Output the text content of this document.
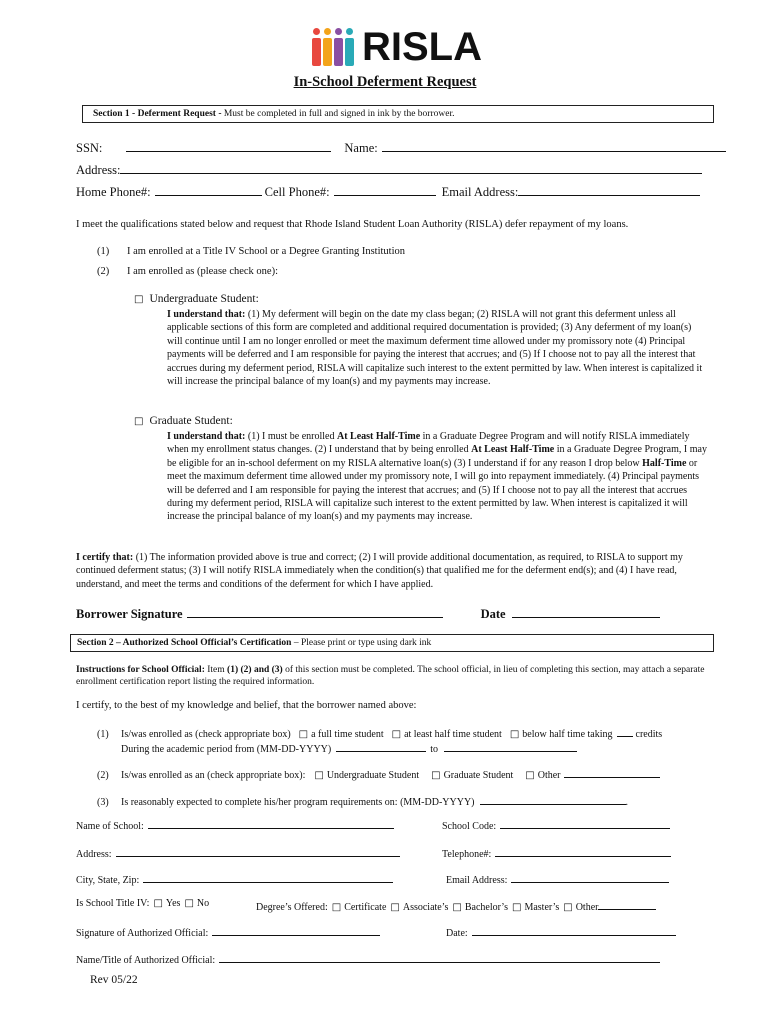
RISLA
In-School Deferment Request
Section 1 - Deferment Request - Must be completed in full and signed in ink by the borrower.
SSN:	Name:
Address:
Home Phone#:	Cell Phone#:	Email Address:
I meet the qualifications stated below and request that Rhode Island Student Loan Authority (RISLA) defer repayment of my loans.
(1)	I am enrolled at a Title IV School or a Degree Granting Institution
(2)	I am enrolled as (please check one):
□ Undergraduate Student:
I understand that: (1) My deferment will begin on the date my class began; (2) RISLA will not grant this deferment unless all applicable sections of this form are completed and additional required documentation is provided; (3) Any deferment of my loan(s) will continue until I am no longer enrolled or meet the maximum deferment time allowed under my promissory note (4) Principal payments will be deferred and I am responsible for paying the interest that accrues; and (5) If I choose not to pay all the interest that accrues during my deferment period, RISLA will capitalize such interest to the extent permitted by law. When interest is capitalized it will increase the principal balance of my loan(s) and my payments may increase.
□ Graduate Student:
I understand that: (1) I must be enrolled At Least Half-Time in a Graduate Degree Program and will notify RISLA immediately when my enrollment status changes. (2) I understand that by being enrolled At Least Half-Time in a Graduate Degree Program, I may be eligible for an in-school deferment on my RISLA alternative loan(s) (3) I understand if for any reason I drop below Half-Time or meet the maximum deferment time allowed under my promissory note, I will go into repayment immediately. (4) Principal payments will be deferred and I am responsible for paying the interest that accrues; and (5) If I choose not to pay all the interest that accrues during my deferment period, RISLA will capitalize such interest to the extent permitted by law. When interest is capitalized it will increase the principal balance of my loan(s) and my payments may increase.
I certify that: (1) The information provided above is true and correct; (2) I will provide additional documentation, as required, to RISLA to support my continued deferment status; (3) I will notify RISLA immediately when the condition(s) that qualified me for the deferment end(s); and (4) I have read, understand, and meet the terms and conditions of the deferment for which I have applied.
Borrower Signature	Date
Section 2 – Authorized School Official’s Certification – Please print or type using dark ink
Instructions for School Official: Item (1) (2) and (3) of this section must be completed. The school official, in lieu of completing this section, may attach a separate enrollment certification report listing the required information.
I certify, to the best of my knowledge and belief, that the borrower named above:
(1)	Is/was enrolled as (check appropriate box) □ a full time student □ at least half time student □ below half time taking credits
During the academic period from (MM-DD-YYYY)	to
(2)	Is/was enrolled as an (check appropriate box): □ Undergraduate Student □ Graduate Student □ Other
(3)	Is reasonably expected to complete his/her program requirements on: (MM-DD-YYYY)	.
Name of School:	School Code:
Address:	Telephone#:
City, State, Zip:	Email Address:
Is School Title IV: □ Yes □ No	Degree’s Offered: □ Certificate □ Associate’s □ Bachelor’s □ Master’s □ Other
Signature of Authorized Official:	Date:
Name/Title of Authorized Official:
Rev 05/22
